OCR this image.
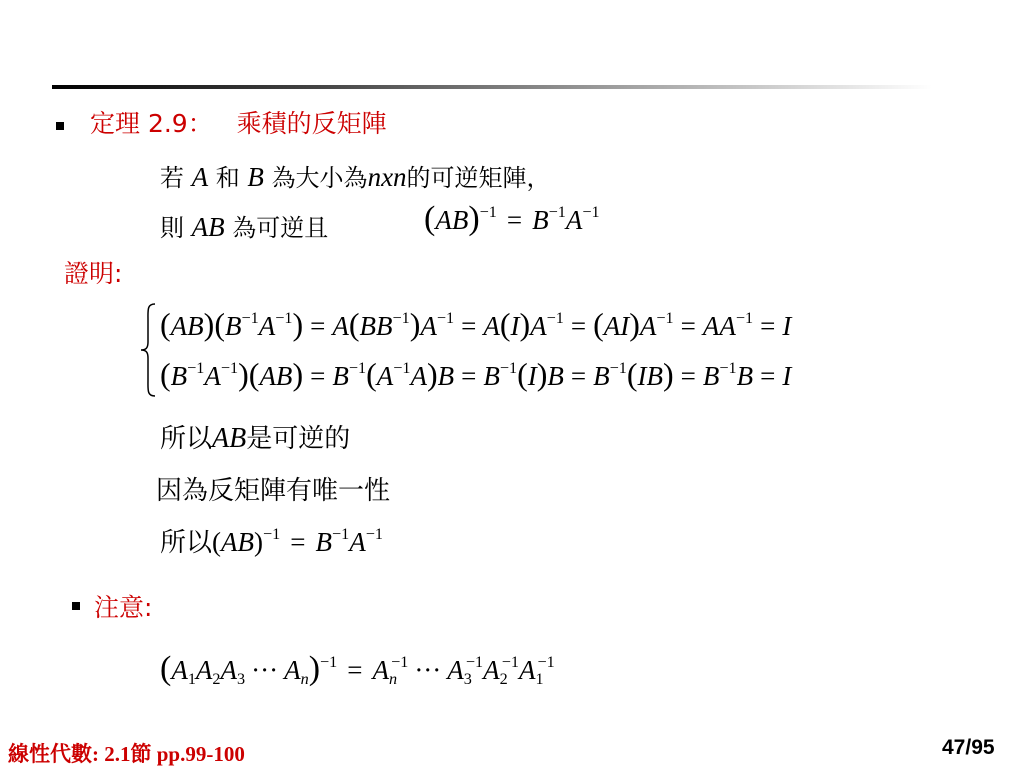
定理 2.9： 乘積的反矩陣
若 A 和 B 為大小為nxn的可逆矩陣，
則 AB 為可逆且	$(AB)^{-1} = B^{-1}A^{-1}$
證明:
$(AB)(B^{-1}A^{-1}) = A(BB^{-1})A^{-1} = A(I)A^{-1} = (AI)A^{-1} = AA^{-1} = I$
$(B^{-1}A^{-1})(AB) = B^{-1}(A^{-1}A)B = B^{-1}(I)B = B^{-1}(IB) = B^{-1}B = I$
所以AB是可逆的
因為反矩陣有唯一性
所以$(AB)^{-1} = B^{-1}A^{-1}$
注意:
($A_1A_2A_3$ ··· $A_n)^{-1} = A_n^{-1}$ ··· $A_3^{-1}A_2^{-1}A_1^{-1}$
線性代數: 2.1節 pp.99-100	47/95
